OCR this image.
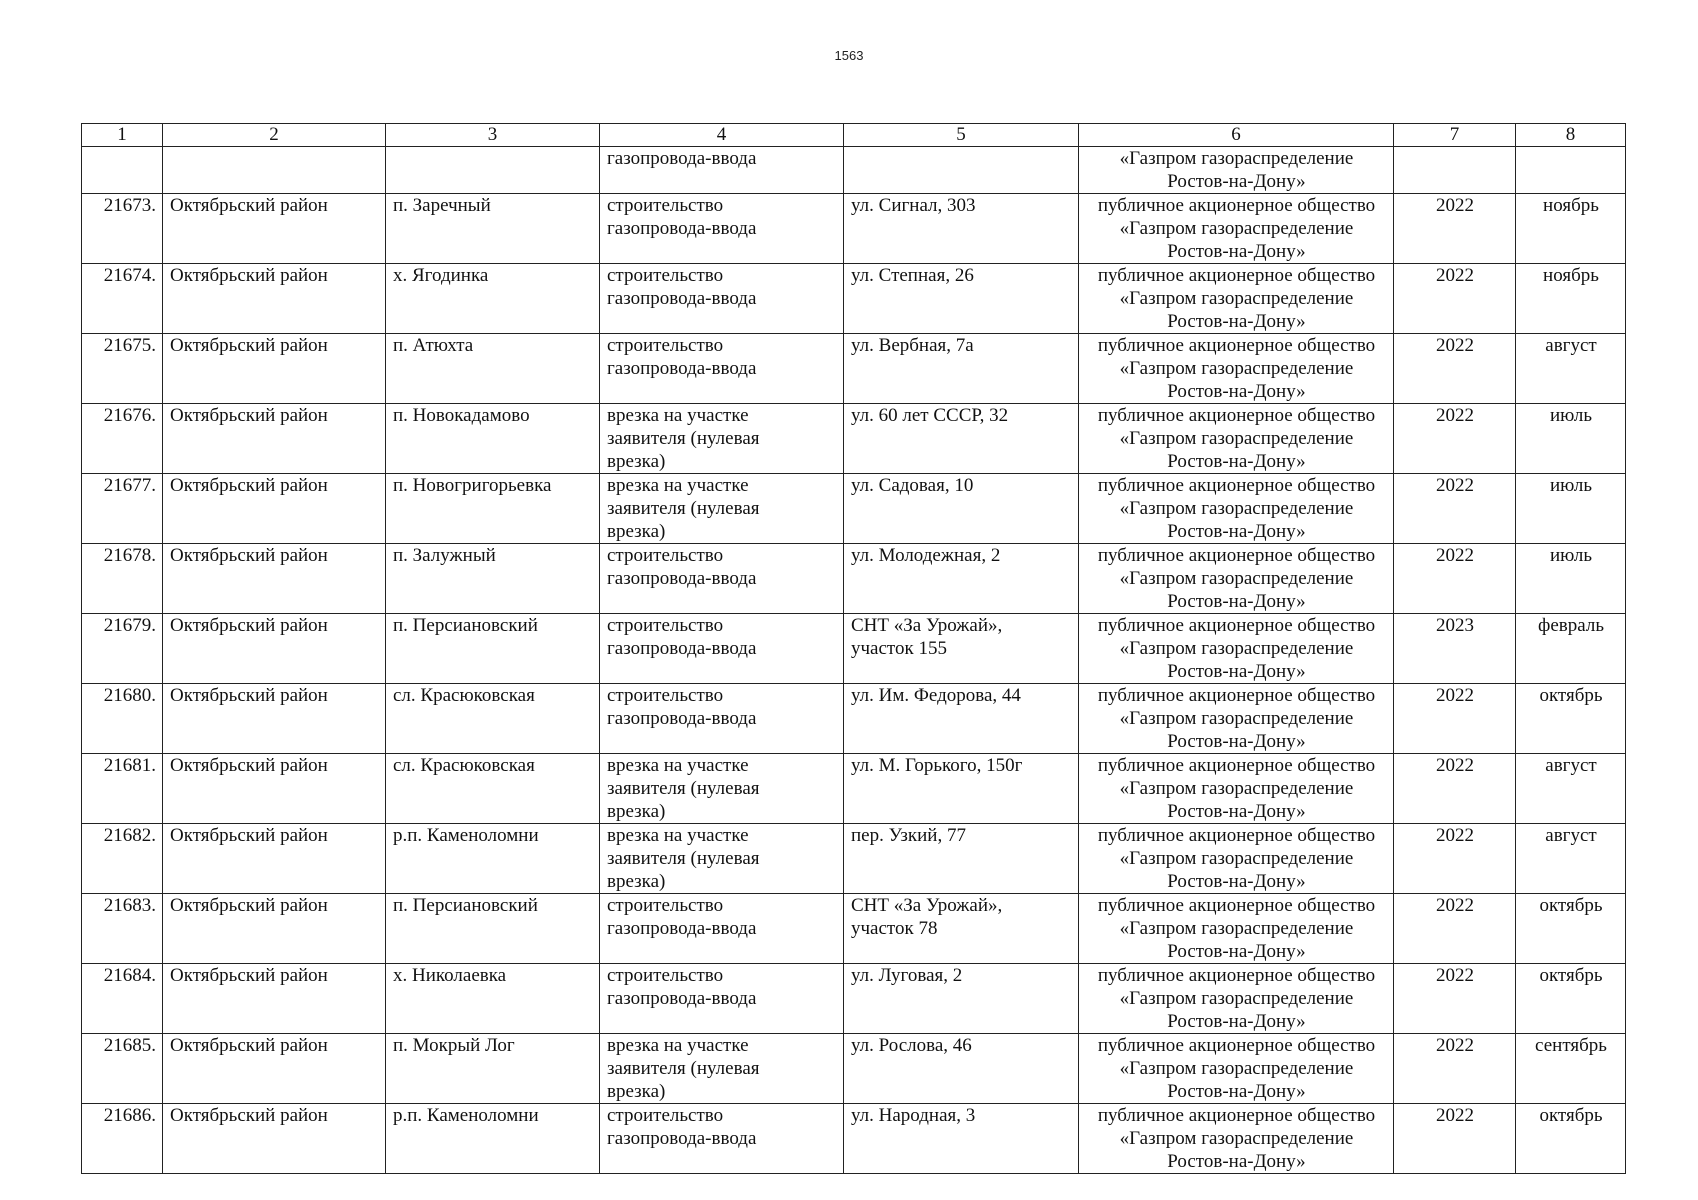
1563
1	2	3	4	5	6	7	8
			газопровода-ввода		«Газпром газораспределение
Ростов-на-Дону»		

21673.	Октябрьский район	п. Заречный	строительство
газопровода-ввода	ул. Сигнал, 303	публичное акционерное общество
«Газпром газораспределение
Ростов-на-Дону»	2022	ноябрь
21674.	Октябрьский район	х. Ягодинка	строительство
газопровода-ввода	ул. Степная, 26	публичное акционерное общество
«Газпром газораспределение
Ростов-на-Дону»	2022	ноябрь
21675.	Октябрьский район	п. Атюхта	строительство
газопровода-ввода	ул. Вербная, 7а	публичное акционерное общество
«Газпром газораспределение
Ростов-на-Дону»	2022	август
21676.	Октябрьский район	п. Новокадамово	врезка на участке
заявителя (нулевая
врезка)	ул. 60 лет СССР, 32	публичное акционерное общество
«Газпром газораспределение
Ростов-на-Дону»	2022	июль
21677.	Октябрьский район	п. Новогригорьевка	врезка на участке
заявителя (нулевая
врезка)	ул. Садовая, 10	публичное акционерное общество
«Газпром газораспределение
Ростов-на-Дону»	2022	июль
21678.	Октябрьский район	п. Залужный	строительство
газопровода-ввода	ул. Молодежная, 2	публичное акционерное общество
«Газпром газораспределение
Ростов-на-Дону»	2022	июль
21679.	Октябрьский район	п. Персиановский	строительство
газопровода-ввода	СНТ «За Урожай»,
участок 155	публичное акционерное общество
«Газпром газораспределение
Ростов-на-Дону»	2023	февраль
21680.	Октябрьский район	сл. Красюковская	строительство
газопровода-ввода	ул. Им. Федорова, 44	публичное акционерное общество
«Газпром газораспределение
Ростов-на-Дону»	2022	октябрь
21681.	Октябрьский район	сл. Красюковская	врезка на участке
заявителя (нулевая
врезка)	ул. М. Горького, 150г	публичное акционерное общество
«Газпром газораспределение
Ростов-на-Дону»	2022	август
21682.	Октябрьский район	р.п. Каменоломни	врезка на участке
заявителя (нулевая
врезка)	пер. Узкий, 77	публичное акционерное общество
«Газпром газораспределение
Ростов-на-Дону»	2022	август
21683.	Октябрьский район	п. Персиановский	строительство
газопровода-ввода	СНТ «За Урожай»,
участок 78	публичное акционерное общество
«Газпром газораспределение
Ростов-на-Дону»	2022	октябрь
21684.	Октябрьский район	х. Николаевка	строительство
газопровода-ввода	ул. Луговая, 2	публичное акционерное общество
«Газпром газораспределение
Ростов-на-Дону»	2022	октябрь
21685.	Октябрьский район	п. Мокрый Лог	врезка на участке
заявителя (нулевая
врезка)	ул. Рослова, 46	публичное акционерное общество
«Газпром газораспределение
Ростов-на-Дону»	2022	сентябрь
21686.	Октябрьский район	р.п. Каменоломни	строительство
газопровода-ввода	ул. Народная, 3	публичное акционерное общество
«Газпром газораспределение
Ростов-на-Дону»	2022	октябрь
